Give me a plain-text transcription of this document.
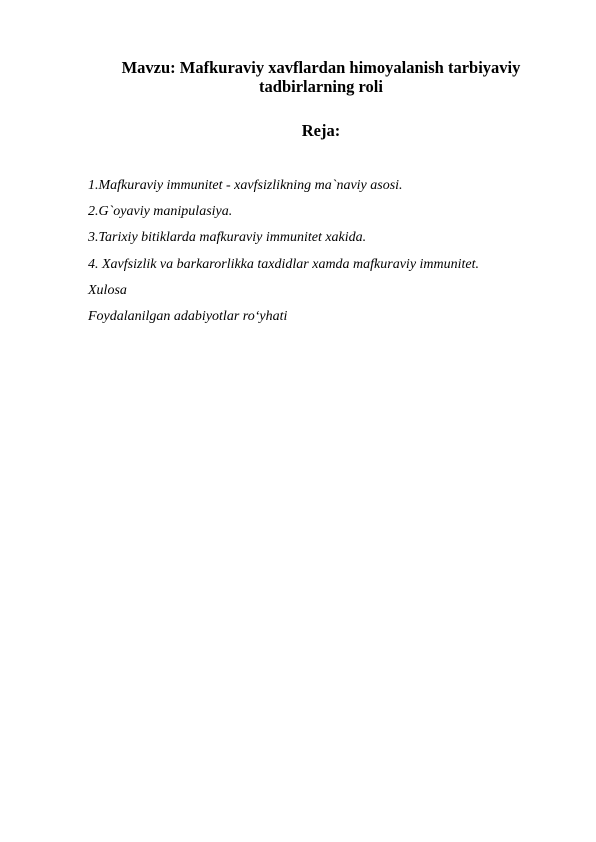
Mavzu: Mafkuraviy xavflardan himoyalanish tarbiyaviy
tadbirlarning roli
Reja:
1.Mafkuraviy immunitet - xavfsizlikning ma`naviy asosi.
2.G`oyaviy manipulasiya.
3.Tarixiy bitiklarda mafkuraviy immunitet xakida.
4. Xavfsizlik va barkarorlikka taxdidlar xamda mafkuraviy immunitet.
Xulosa
Foydalanilgan adabiyotlar ro‘yhati
